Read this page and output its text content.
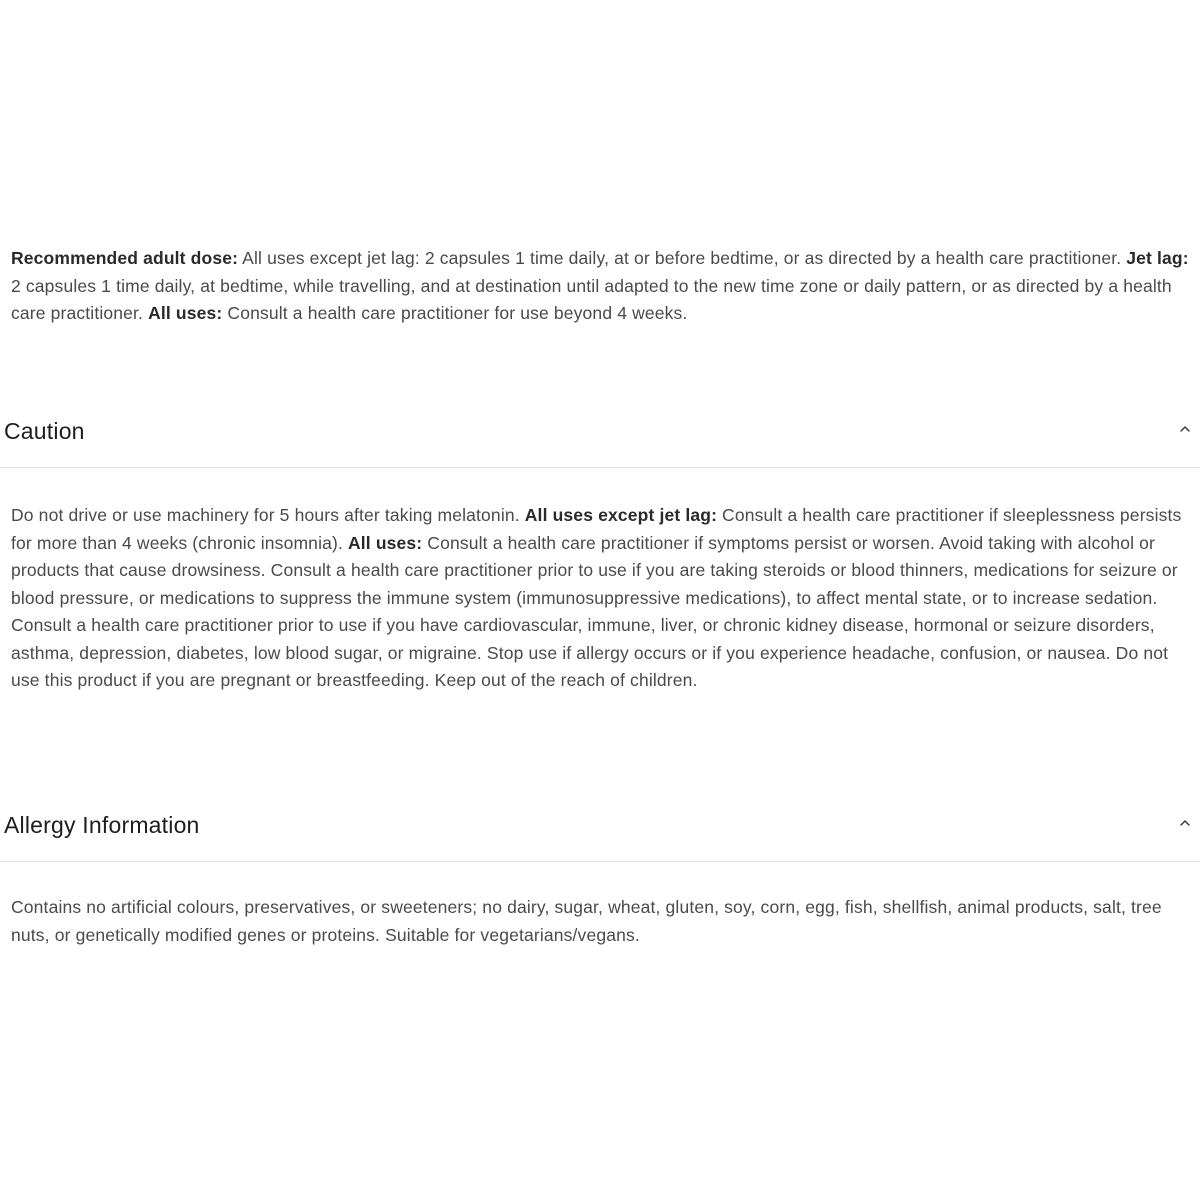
Recommended adult dose: All uses except jet lag: 2 capsules 1 time daily, at or before bedtime, or as directed by a health care practitioner. Jet lag: 2 capsules 1 time daily, at bedtime, while travelling, and at destination until adapted to the new time zone or daily pattern, or as directed by a health care practitioner. All uses: Consult a health care practitioner for use beyond 4 weeks.

Caution

Do not drive or use machinery for 5 hours after taking melatonin. All uses except jet lag: Consult a health care practitioner if sleeplessness persists for more than 4 weeks (chronic insomnia). All uses: Consult a health care practitioner if symptoms persist or worsen. Avoid taking with alcohol or products that cause drowsiness. Consult a health care practitioner prior to use if you are taking steroids or blood thinners, medications for seizure or blood pressure, or medications to suppress the immune system (immunosuppressive medications), to affect mental state, or to increase sedation. Consult a health care practitioner prior to use if you have cardiovascular, immune, liver, or chronic kidney disease, hormonal or seizure disorders, asthma, depression, diabetes, low blood sugar, or migraine. Stop use if allergy occurs or if you experience headache, confusion, or nausea. Do not use this product if you are pregnant or breastfeeding. Keep out of the reach of children.

Allergy Information

Contains no artificial colours, preservatives, or sweeteners; no dairy, sugar, wheat, gluten, soy, corn, egg, fish, shellfish, animal products, salt, tree nuts, or genetically modified genes or proteins. Suitable for vegetarians/vegans.
